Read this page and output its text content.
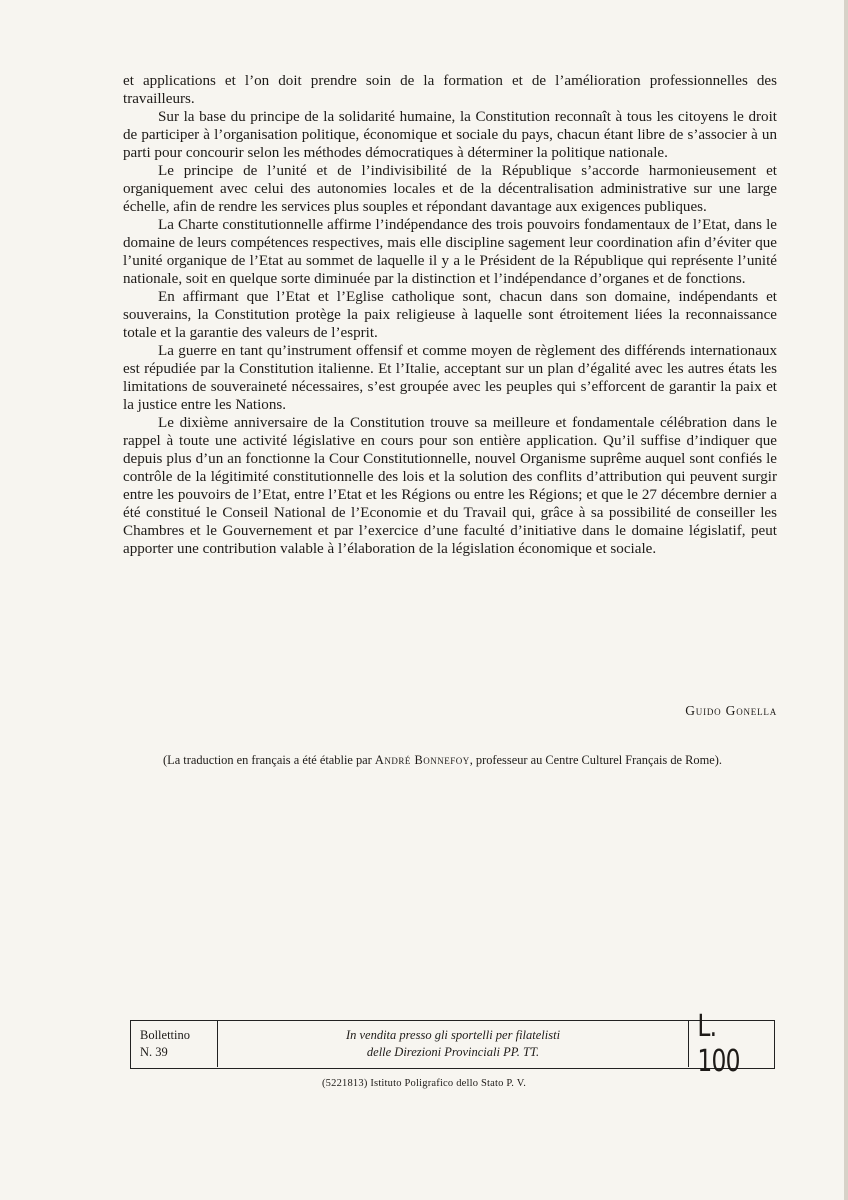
et applications et l’on doit prendre soin de la formation et de l’amélioration professionnelles des travailleurs.

Sur la base du principe de la solidarité humaine, la Constitution reconnaît à tous les citoyens le droit de participer à l’organisation politique, économique et sociale du pays, chacun étant libre de s’associer à un parti pour concourir selon les méthodes démocratiques à déterminer la politique nationale.

Le principe de l’unité et de l’indivisibilité de la République s’accorde harmonieusement et organiquement avec celui des autonomies locales et de la décentralisation administrative sur une large échelle, afin de rendre les services plus souples et répondant davantage aux exigences publiques.

La Charte constitutionnelle affirme l’indépendance des trois pouvoirs fondamentaux de l’Etat, dans le domaine de leurs compétences respectives, mais elle discipline sagement leur coordination afin d’éviter que l’unité organique de l’Etat au sommet de laquelle il y a le Président de la République qui représente l’unité nationale, soit en quelque sorte diminuée par la distinction et l’indépendance d’organes et de fonctions.

En affirmant que l’Etat et l’Eglise catholique sont, chacun dans son domaine, indépendants et souverains, la Constitution protège la paix religieuse à laquelle sont étroitement liées la reconnaissance totale et la garantie des valeurs de l’esprit.

La guerre en tant qu’instrument offensif et comme moyen de règlement des différends internationaux est répudiée par la Constitution italienne. Et l’Italie, acceptant sur un plan d’égalité avec les autres états les limitations de souveraineté nécessaires, s’est groupée avec les peuples qui s’efforcent de garantir la paix et la justice entre les Nations.

Le dixième anniversaire de la Constitution trouve sa meilleure et fondamentale célébration dans le rappel à toute une activité législative en cours pour son entière application. Qu’il suffise d’indiquer que depuis plus d’un an fonctionne la Cour Constitutionnelle, nouvel Organisme suprême auquel sont confiés le contrôle de la légitimité constitutionnelle des lois et la solution des conflits d’attribution qui peuvent surgir entre les pouvoirs de l’Etat, entre l’Etat et les Régions ou entre les Régions; et que le 27 décembre dernier a été constitué le Conseil National de l’Economie et du Travail qui, grâce à sa possibilité de conseiller les Chambres et le Gouvernement et par l’exercice d’une faculté d’initiative dans le domaine législatif, peut apporter une contribution valable à l’élaboration de la législation économique et sociale.

Guido Gonella
(La traduction en français a été établie par André Bonnefoy, professeur au Centre Culturel Français de Rome).
Bollettino
N. 39
In vendita presso gli sportelli per filatelisti
delle Direzioni Provinciali PP. TT.
L. 100
(5221813) Istituto Poligrafico dello Stato P. V.
